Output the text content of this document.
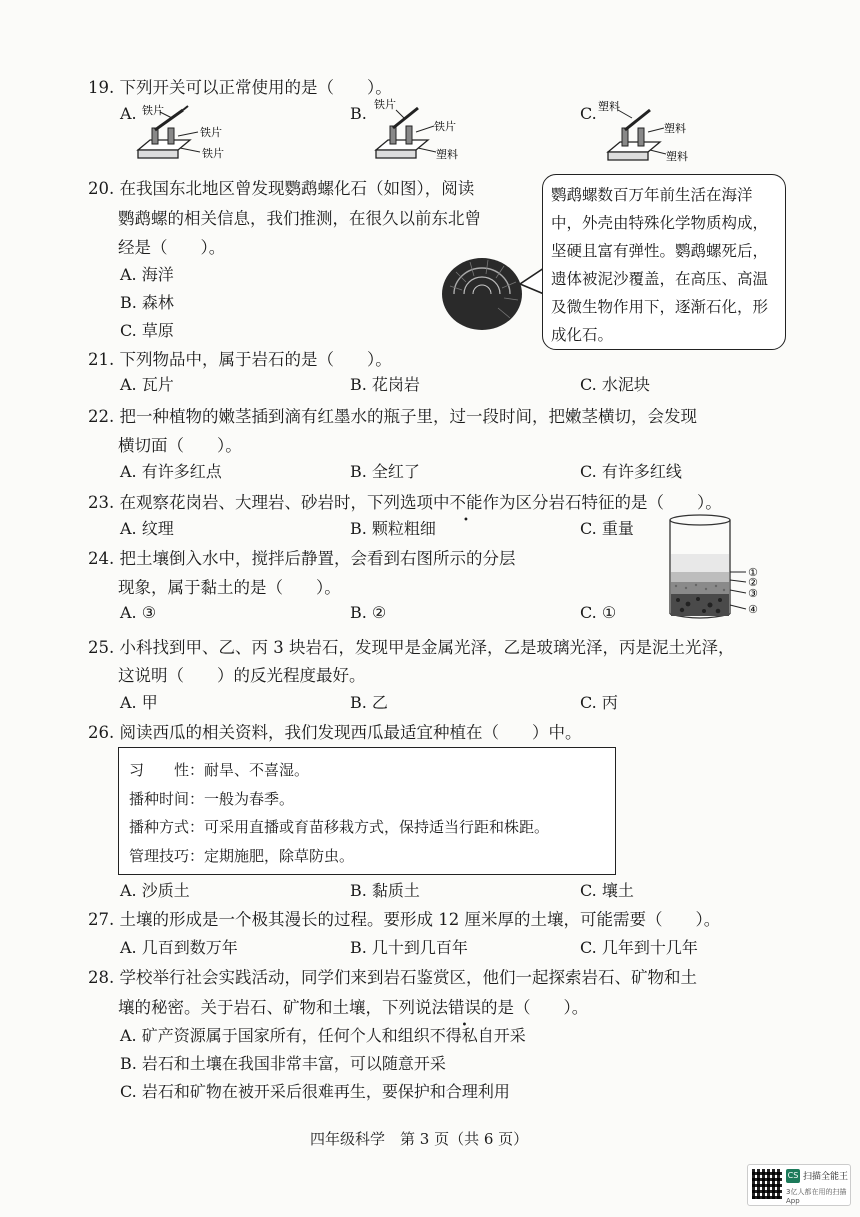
19. 下列开关可以正常使用的是（　　）。
A.	B.	C.
铁片
铁片
铁片
铁片
铁片
塑料
塑料
塑料
塑料
20. 在我国东北地区曾发现鹦鹉螺化石（如图），阅读
鹦鹉螺的相关信息，我们推测，在很久以前东北曾
经是（　　）。
A. 海洋
B. 森林
C. 草原
鹦鹉螺数百万年前生活在海洋中，外壳由特殊化学物质构成，坚硬且富有弹性。鹦鹉螺死后，遗体被泥沙覆盖，在高压、高温及微生物作用下，逐渐石化，形成化石。
21. 下列物品中，属于岩石的是（　　）。
A. 瓦片	B. 花岗岩	C. 水泥块
22. 把一种植物的嫩茎插到滴有红墨水的瓶子里，过一段时间，把嫩茎横切，会发现
横切面（　　）。
A. 有许多红点	B. 全红了	C. 有许多红线
23. 在观察花岗岩、大理岩、砂岩时，下列选项中不能作为区分岩石特征的是（　　）。
A. 纹理	B. 颗粒粗细	C. 重量
24. 把土壤倒入水中，搅拌后静置，会看到右图所示的分层
现象，属于黏土的是（　　）。
A. ③	B. ②	C. ①
①
②
③
④
25. 小科找到甲、乙、丙 3 块岩石，发现甲是金属光泽，乙是玻璃光泽，丙是泥土光泽，
这说明（　　）的反光程度最好。
A. 甲	B. 乙	C. 丙
26. 阅读西瓜的相关资料，我们发现西瓜最适宜种植在（　　）中。
习　　性：耐旱、不喜湿。
播种时间：一般为春季。
播种方式：可采用直播或育苗移栽方式，保持适当行距和株距。
管理技巧：定期施肥，除草防虫。
A. 沙质土	B. 黏质土	C. 壤土
27. 土壤的形成是一个极其漫长的过程。要形成 12 厘米厚的土壤，可能需要（　　）。
A. 几百到数万年	B. 几十到几百年	C. 几年到十几年
28. 学校举行社会实践活动，同学们来到岩石鉴赏区，他们一起探索岩石、矿物和土
壤的秘密。关于岩石、矿物和土壤，下列说法错误的是（　　）。
A. 矿产资源属于国家所有，任何个人和组织不得私自开采
B. 岩石和土壤在我国非常丰富，可以随意开采
C. 岩石和矿物在被开采后很难再生，要保护和合理利用
四年级科学　第 3 页（共 6 页）
CS 扫描全能王
3亿人都在用的扫描App
